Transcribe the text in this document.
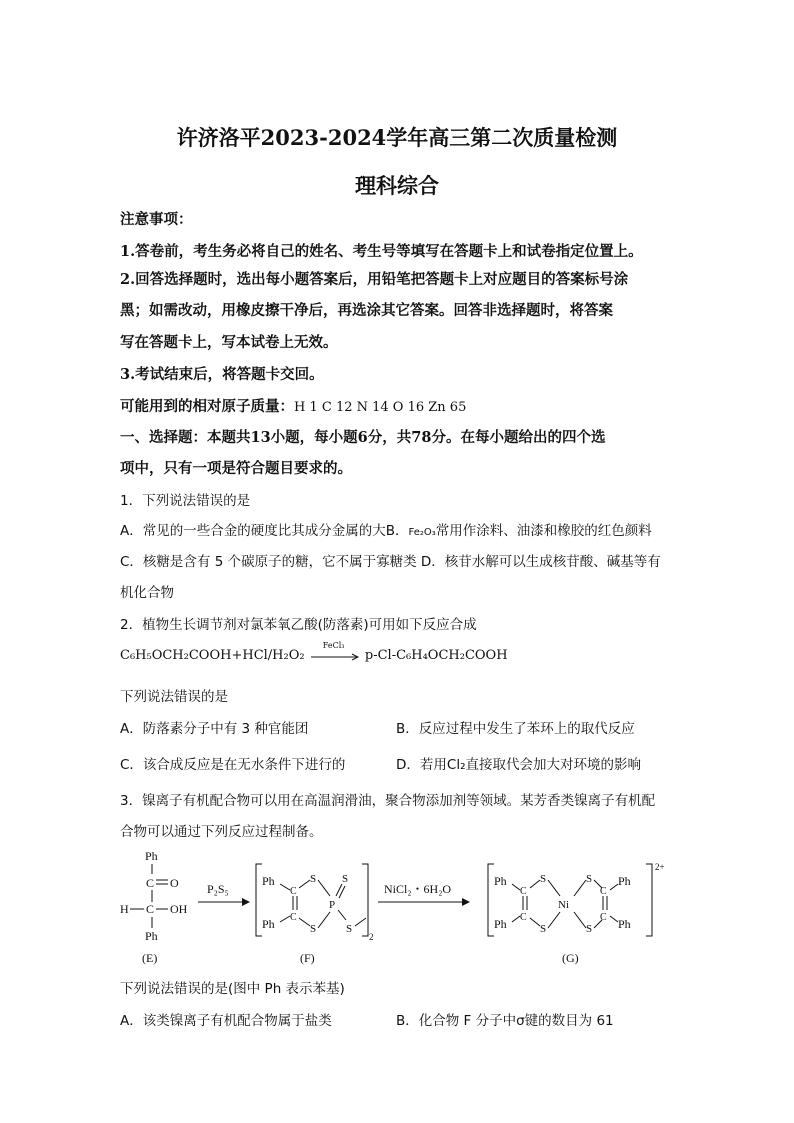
许济洛平2023-2024学年高三第二次质量检测
理科综合
注意事项：
1.答卷前，考生务必将自己的姓名、考生号等填写在答题卡上和试卷指定位置上。
2.回答选择题时，选出每小题答案后，用铅笔把答题卡上对应题目的答案标号涂
黑；如需改动，用橡皮擦干净后，再选涂其它答案。回答非选择题时，将答案
写在答题卡上，写本试卷上无效。
3.考试结束后，将答题卡交回。
可能用到的相对原子质量：H 1 C 12 N 14 O 16 Zn 65
一、选择题：本题共13小题，每小题6分，共78分。在每小题给出的四个选
项中，只有一项是符合题目要求的。
1．下列说法错误的是
A．常见的一些合金的硬度比其成分金属的大B．Fe₂O₃常用作涂料、油漆和橡胶的红色颜料
C．核糖是含有 5 个碳原子的糖，它不属于寡糖类 D．核苷水解可以生成核苷酸、碱基等有
机化合物
2．植物生长调节剂对氯苯氧乙酸(防落素)可用如下反应合成
C₆H₅OCH₂COOH+HCl/H₂O₂
FeCl₃
p-Cl-C₆H₄OCH₂COOH
下列说法错误的是
A．防落素分子中有 3 种官能团	B．反应过程中发生了苯环上的取代反应
C．该合成反应是在无水条件下进行的	D．若用Cl₂直接取代会加大对环境的影响
3．镍离子有机配合物可以用在高温润滑油，聚合物添加剂等领域。某芳香类镍离子有机配
合物可以通过下列反应过程制备。
Ph
C O
H C OH
Ph
(E)
P₂S₅
Ph
Ph
C
C
S
S
P
S
S
2
(F)
NiCl₂・6H₂O
Ph
Ph
C
C
S
S
Ni
S
S
C
C
Ph
Ph
2+
(G)
下列说法错误的是(图中 Ph 表示苯基)
A．该类镍离子有机配合物属于盐类	B．化合物 F 分子中σ键的数目为 61
